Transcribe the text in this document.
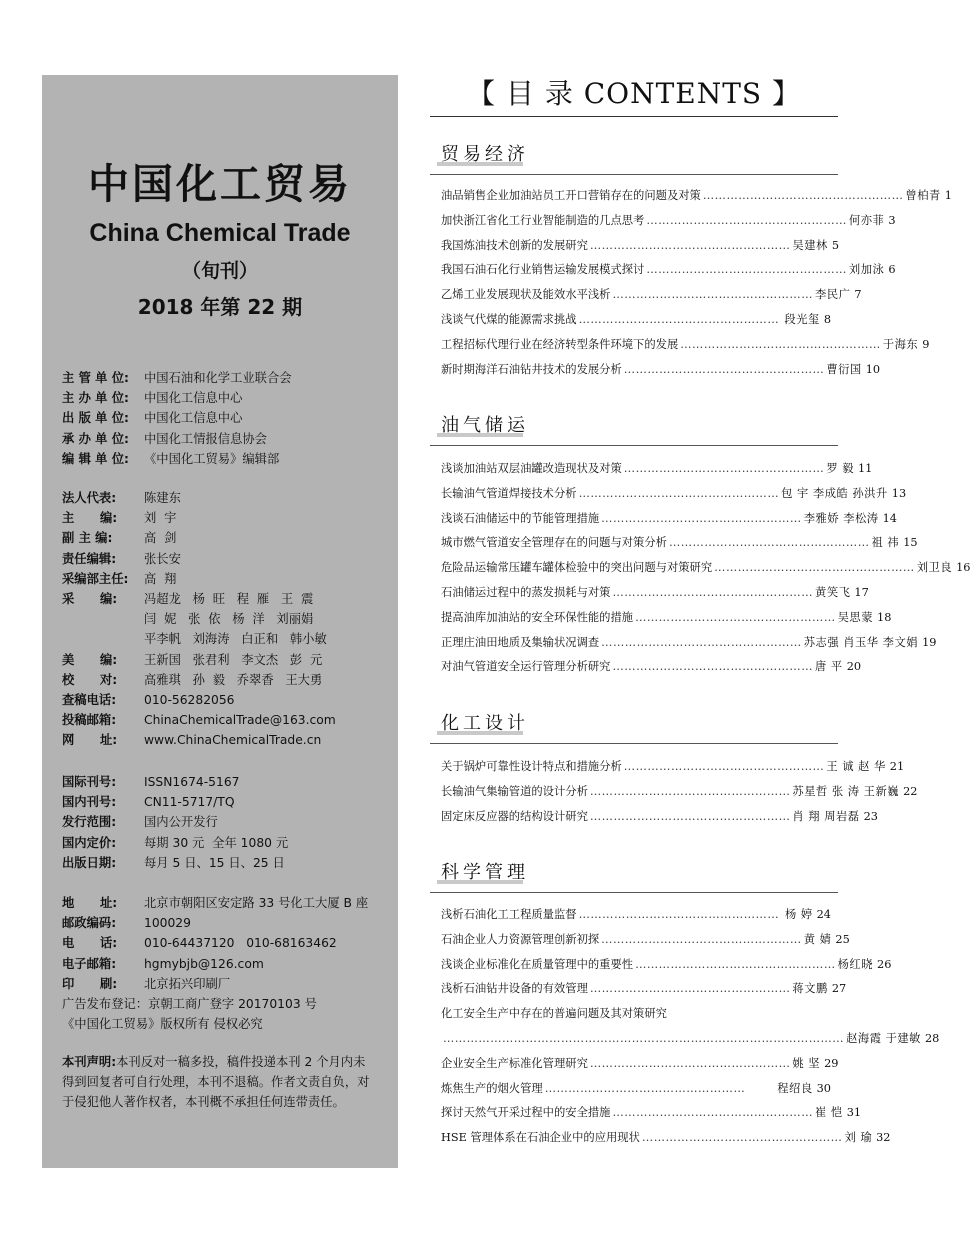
中国化工贸易
China Chemical Trade
（旬刊）
2018 年第 22 期
主 管 单 位: 中国石油和化学工业联合会
主 办 单 位: 中国化工信息中心
出 版 单 位: 中国化工信息中心
承 办 单 位: 中国化工情报信息协会
编 辑 单 位: 《中国化工贸易》编辑部
法人代表: 陈建东
主      编: 刘  宇
副 主 编:	高  剑
责任编辑: 张长安
采编部主任: 高  翔
采      编: 冯超龙   杨  旺   程  雁   王  震
闫  妮   张  依   杨  洋   刘丽娟
平李帆   刘海涛   白正和   韩小敏
美      编: 王新国   张君利   李文杰   彭  元
校      对: 高雅琪   孙  毅   乔翠香   王大勇
查稿电话: 010-56282056
投稿邮箱: ChinaChemicalTrade@163.com
网      址: www.ChinaChemicalTrade.cn
国际刊号: ISSN1674-5167
国内刊号: CN11-5717/TQ
发行范围: 国内公开发行
国内定价: 每期 30 元  全年 1080 元
出版日期: 每月 5 日、15 日、25 日
地      址: 北京市朝阳区安定路 33 号化工大厦 B 座
邮政编码: 100029
电      话: 010-64437120   010-68163462
电子邮箱: hgmybjb@126.com
印      刷: 北京拓兴印刷厂
广告发布登记：京朝工商广登字 20170103 号
《中国化工贸易》版权所有 侵权必究
本刊声明:本刊反对一稿多投，稿件投递本刊 2 个月内未得到回复者可自行处理，本刊不退稿。作者文责自负，对于侵犯他人著作权者，本刊概不承担任何连带责任。
【 目 录 CONTENTS 】
贸易经济
油品销售企业加油站员工开口营销存在的问题及对策 …………………………………………… 曾柏青 1
加快浙江省化工行业智能制造的几点思考 …………………………………………… 何亦菲 3
我国炼油技术创新的发展研究 …………………………………………… 吴建林 5
我国石油石化行业销售运输发展模式探讨 …………………………………………… 刘加泳 6
乙烯工业发展现状及能效水平浅析 …………………………………………… 李民广 7
浅谈气代煤的能源需求挑战 …………………………………………… 段光玺 8
工程招标代理行业在经济转型条件环境下的发展 …………………………………………… 于海东 9
新时期海洋石油钻井技术的发展分析 …………………………………………… 曹衍国 10
油气储运
浅谈加油站双层油罐改造现状及对策 …………………………………………… 罗 毅 11
长输油气管道焊接技术分析 …………………………………………… 包 宇 李成皓 孙洪升 13
浅谈石油储运中的节能管理措施 …………………………………………… 李雅娇 李松涛 14
城市燃气管道安全管理存在的问题与对策分析 …………………………………………… 祖 祎 15
危险品运输常压罐车罐体检验中的突出问题与对策研究 …………………………………………… 刘卫良 16
石油储运过程中的蒸发损耗与对策 …………………………………………… 黄笑飞 17
提高油库加油站的安全环保性能的措施 …………………………………………… 吴思蒙 18
正理庄油田地质及集输状况调查 …………………………………………… 苏志强 肖玉华 李文娟 19
对油气管道安全运行管理分析研究 …………………………………………… 唐 平 20
化工设计
关于锅炉可靠性设计特点和措施分析 …………………………………………… 王 诚 赵 华 21
长输油气集输管道的设计分析 …………………………………………… 苏星哲 张 涛 王新巍 22
固定床反应器的结构设计研究 …………………………………………… 肖 翔 周岩磊 23
科学管理
浅析石油化工工程质量监督 …………………………………………… 杨 婷 24
石油企业人力资源管理创新初探 …………………………………………… 黄 婧 25
浅谈企业标准化在质量管理中的重要性 …………………………………………… 杨红晓 26
浅析石油钻井设备的有效管理 …………………………………………… 蒋文鹏 27
化工安全生产中存在的普遍问题及其对策研究
………………………………………………………………………………………… 赵海霞 于建敏 28
企业安全生产标准化管理研究 …………………………………………… 姚 坚 29
炼焦生产的烟火管理 ……………………………………………	程绍良 30
探讨天然气开采过程中的安全措施 …………………………………………… 崔 恺 31
HSE 管理体系在石油企业中的应用现状 …………………………………………… 刘 瑜 32
